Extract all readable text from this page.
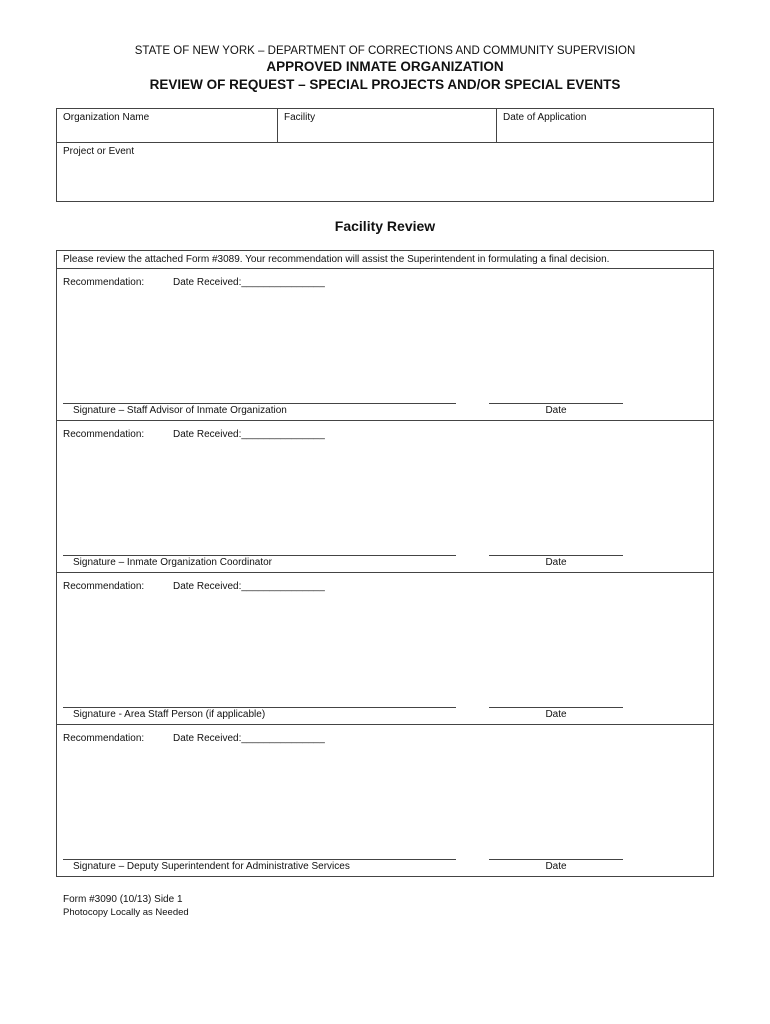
STATE OF NEW YORK – DEPARTMENT OF CORRECTIONS AND COMMUNITY SUPERVISION
APPROVED INMATE ORGANIZATION
REVIEW OF REQUEST – SPECIAL PROJECTS AND/OR SPECIAL EVENTS
Organization Name	Facility	Date of Application
Project or Event
Facility Review
Please review the attached Form #3089. Your recommendation will assist the Superintendent in formulating a final decision.
Recommendation:	Date Received:_______________
Signature – Staff Advisor of Inmate Organization	Date
Recommendation:	Date Received:_______________
Signature – Inmate Organization Coordinator	Date
Recommendation:	Date Received:_______________
Signature - Area Staff Person (if applicable)	Date
Recommendation:	Date Received:_______________
Signature – Deputy Superintendent for Administrative Services	Date
Form #3090 (10/13) Side 1
Photocopy Locally as Needed
